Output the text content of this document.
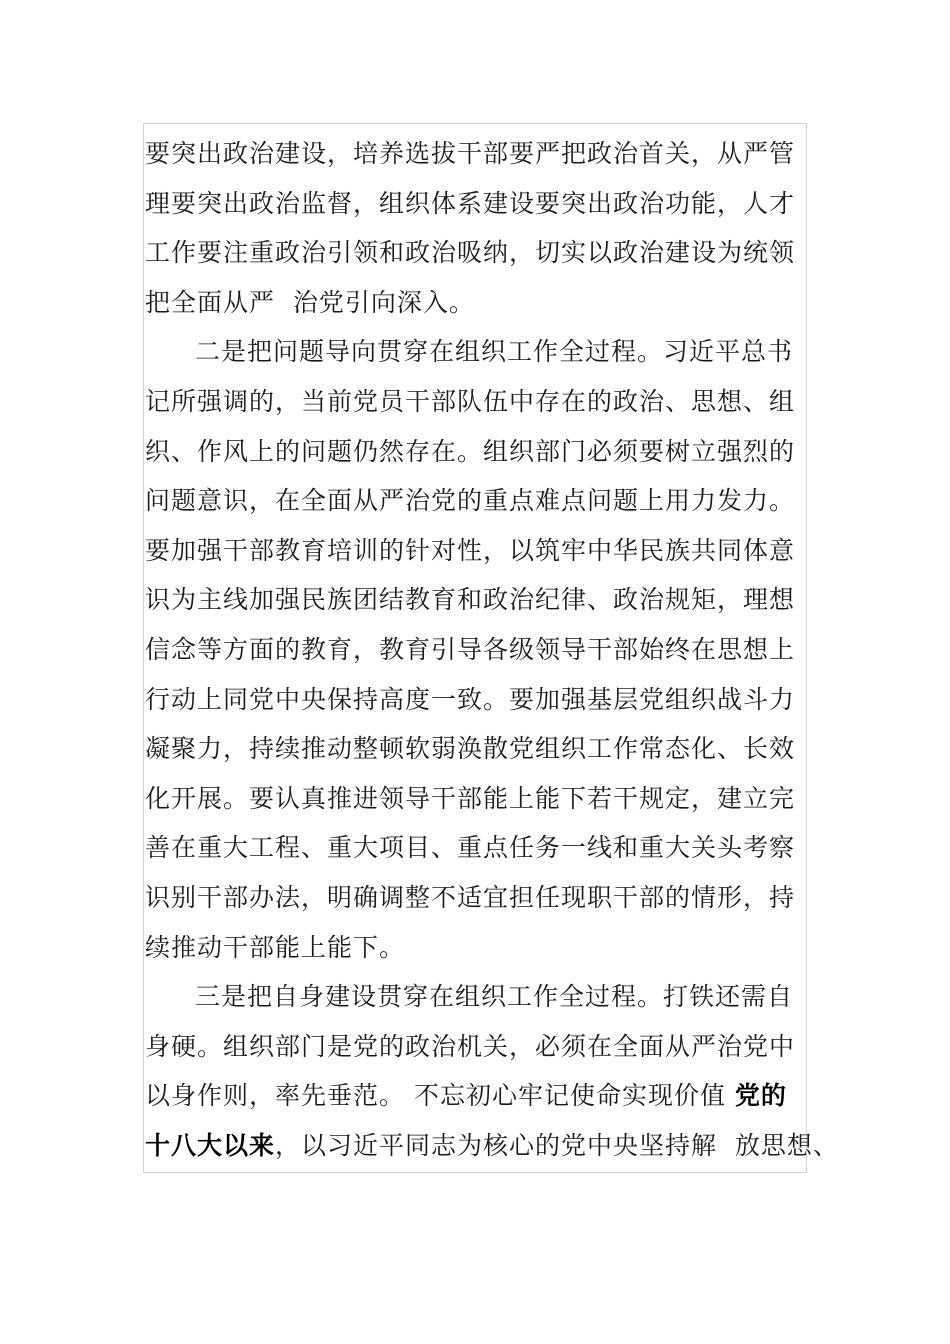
要突出政治建设，培养选拔干部要严把政治首关，从严管
理要突出政治监督，组织体系建设要突出政治功能，人才
工作要注重政治引领和政治吸纳，切实以政治建设为统领
把全面从严  治党引向深入。
二是把问题导向贯穿在组织工作全过程。习近平总书
记所强调的，当前党员干部队伍中存在的政治、思想、组
织、作风上的问题仍然存在。组织部门必须要树立强烈的
问题意识，在全面从严治党的重点难点问题上用力发力。
要加强干部教育培训的针对性，以筑牢中华民族共同体意
识为主线加强民族团结教育和政治纪律、政治规矩，理想
信念等方面的教育，教育引导各级领导干部始终在思想上
行动上同党中央保持高度一致。要加强基层党组织战斗力
凝聚力，持续推动整顿软弱涣散党组织工作常态化、长效
化开展。要认真推进领导干部能上能下若干规定，建立完
善在重大工程、重大项目、重点任务一线和重大关头考察
识别干部办法，明确调整不适宜担任现职干部的情形，持
续推动干部能上能下。
三是把自身建设贯穿在组织工作全过程。打铁还需自
身硬。组织部门是党的政治机关，必须在全面从严治党中
以身作则，率先垂范。 不忘初心牢记使命实现价值 党的
十八大以来，以习近平同志为核心的党中央坚持解  放思想、
